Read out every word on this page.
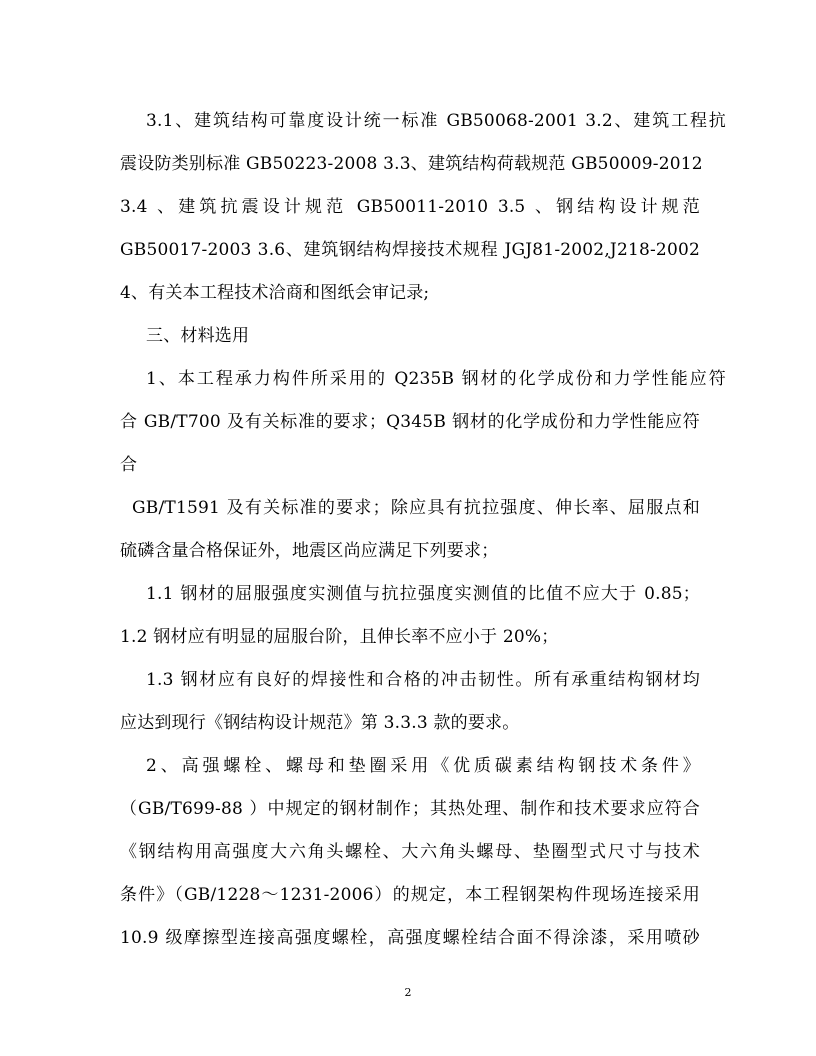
3.1、建筑结构可靠度设计统一标准 GB50068-2001 3.2、建筑工程抗
震设防类别标准 GB50223-2008 3.3、建筑结构荷载规范 GB50009-2012
3.4 、建筑抗震设计规范 GB50011-2010 3.5 、钢结构设计规范
GB50017-2003 3.6、建筑钢结构焊接技术规程 JGJ81-2002,J218-2002
4、有关本工程技术洽商和图纸会审记录;
三、材料选用
1、本工程承力构件所采用的 Q235B 钢材的化学成份和力学性能应符
合 GB/T700 及有关标准的要求；Q345B 钢材的化学成份和力学性能应符
合
GB/T1591 及有关标准的要求；除应具有抗拉强度、伸长率、屈服点和
硫磷含量合格保证外，地震区尚应满足下列要求；
1.1 钢材的屈服强度实测值与抗拉强度实测值的比值不应大于 0.85；
1.2 钢材应有明显的屈服台阶，且伸长率不应小于 20%；
1.3 钢材应有良好的焊接性和合格的冲击韧性。所有承重结构钢材均
应达到现行《钢结构设计规范》第 3.3.3 款的要求。
2、高强螺栓、螺母和垫圈采用《优质碳素结构钢技术条件》
（GB/T699-88 ）中规定的钢材制作；其热处理、制作和技术要求应符合
《钢结构用高强度大六角头螺栓、大六角头螺母、垫圈型式尺寸与技术
条件》（GB/1228～1231-2006）的规定，本工程钢架构件现场连接采用
10.9 级摩擦型连接高强度螺栓，高强度螺栓结合面不得涂漆，采用喷砂
2
